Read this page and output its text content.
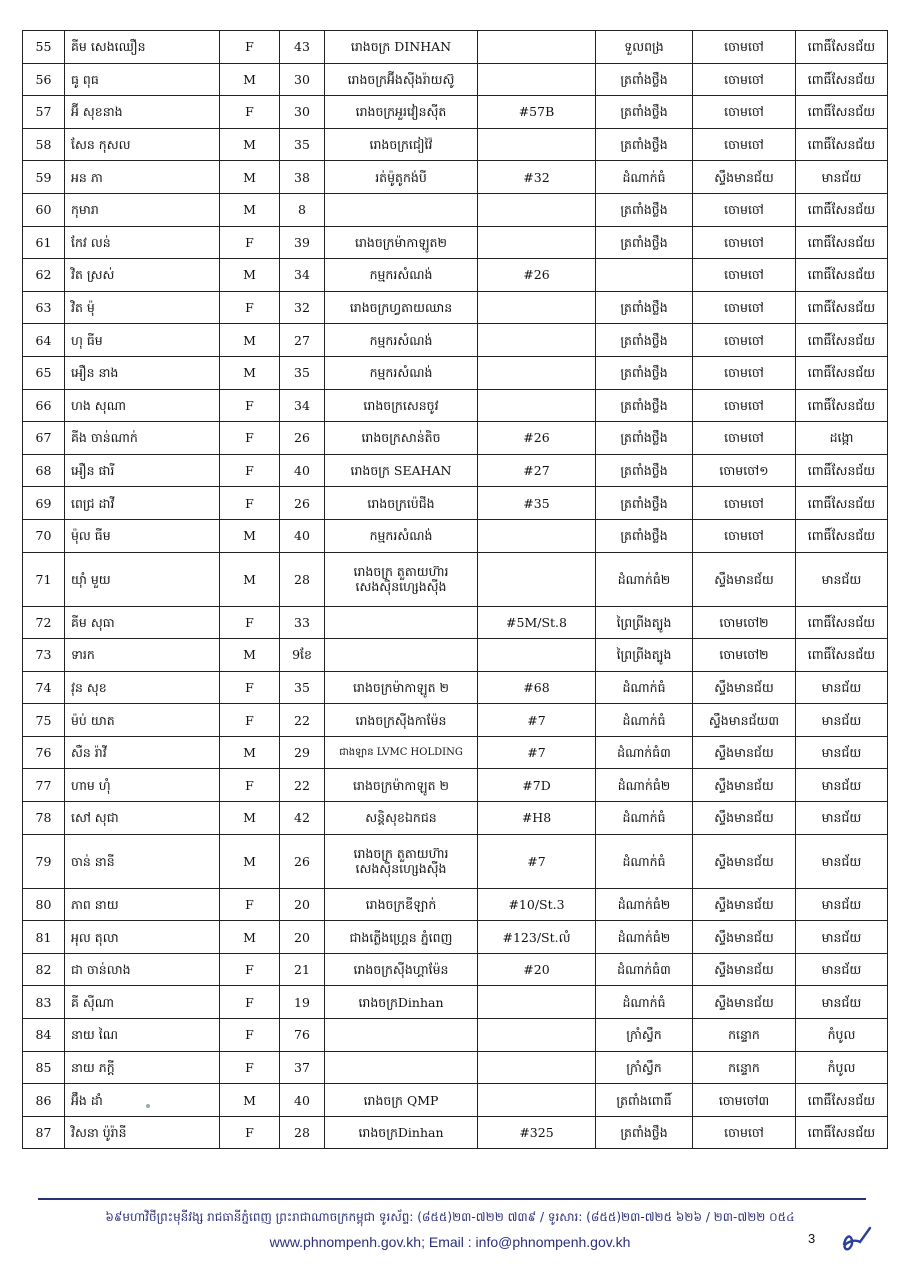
55	គីម សេងឈឿន	F	43	រោងចក្រ DINHAN		ទួលពង្រ	ចោមចៅ	ពោធិ៍សែនជ័យ
56	ធូ ពុធ	M	30	រោងចក្រអ៊ីងស៊ីងរ៉ាយស៊ូ		ត្រពាំងថ្លឹង	ចោមចៅ	ពោធិ៍សែនជ័យ
57	អ៊ី សុខនាង	F	30	រោងចក្រអួរវៀនស៊ីត	#57B	ត្រពាំងថ្លឹង	ចោមចៅ	ពោធិ៍សែនជ័យ
58	សែន កុសល	M	35	រោងចក្រជៀវ៉ៃ		ត្រពាំងថ្លឹង	ចោមចៅ	ពោធិ៍សែនជ័យ
59	អន ភា	M	38	រត់ម៉ូតូកង់បី	#32	ដំណាក់ធំ	ស្ទឹងមានជ័យ	មានជ័យ
60	កុមារា	M	8			ត្រពាំងថ្លឹង	ចោមចៅ	ពោធិ៍សែនជ័យ
61	កែវ លន់	F	39	រោងចក្រម៉ាកាឡូត២		ត្រពាំងថ្លឹង	ចោមចៅ	ពោធិ៍សែនជ័យ
62	វិត ស្រស់	M	34	កម្មករសំណង់	#26		ចោមចៅ	ពោធិ៍សែនជ័យ
63	វិត ម៉ុ	F	32	រោងចក្រហ្វតាយឈាន		ត្រពាំងថ្លឹង	ចោមចៅ	ពោធិ៍សែនជ័យ
64	ហុ ធីម	M	27	កម្មករសំណង់		ត្រពាំងថ្លឹង	ចោមចៅ	ពោធិ៍សែនជ័យ
65	អឿន នាង	M	35	កម្មករសំណង់		ត្រពាំងថ្លឹង	ចោមចៅ	ពោធិ៍សែនជ័យ
66	ហង សុណា	F	34	រោងចក្រសេនចូវ		ត្រពាំងថ្លឹង	ចោមចៅ	ពោធិ៍សែនជ័យ
67	គីង ចាន់ណាក់	F	26	រោងចក្រសាន់តិច	#26	ត្រពាំងថ្លឹង	ចោមចៅ	ដង្កោ
68	អឿន ផារី	F	40	រោងចក្រ SEAHAN	#27	ត្រពាំងថ្លឹង	ចោមចៅ១	ពោធិ៍សែនជ័យ
69	ពេជ្រ ដាវី	F	26	រោងចក្រប៉េជីង	#35	ត្រពាំងថ្លឹង	ចោមចៅ	ពោធិ៍សែនជ័យ
70	ម៉ុល ធីម	M	40	កម្មករសំណង់		ត្រពាំងថ្លឹង	ចោមចៅ	ពោធិ៍សែនជ័យ
71	យ៉ាំ មួយ	M	28	រោងចក្រ តួតាយហ៊ារ សេងស៊ិនហ្សេងស៊ីង		ដំណាក់ធំ២	ស្ទឹងមានជ័យ	មានជ័យ
72	គីម សុធា	F	33		#5M/St.8	ព្រៃព្រីងត្បូង	ចោមចៅ២	ពោធិ៍សែនជ័យ
73	ទារក	M	9ខែ			ព្រៃព្រីងត្បូង	ចោមចៅ២	ពោធិ៍សែនជ័យ
74	វុន សុខ	F	35	រោងចក្រម៉ាកាឡូត ២	#68	ដំណាក់ធំ	ស្ទឹងមានជ័យ	មានជ័យ
75	ម៉ប់ យាត	F	22	រោងចក្រស៊ីងកាម៉ែន	#7	ដំណាក់ធំ	ស្ទឹងមានជ័យ៣	មានជ័យ
76	សឺន រ៉ាវី	M	29	ជាងឡាន LVMC HOLDING	#7	ដំណាក់ធំ៣	ស្ទឹងមានជ័យ	មានជ័យ
77	ហាម ហុំ	F	22	រោងចក្រម៉ាកាឡូត ២	#7D	ដំណាក់ធំ២	ស្ទឹងមានជ័យ	មានជ័យ
78	សៅ សុជា	M	42	សន្តិសុខឯកជន	#H8	ដំណាក់ធំ	ស្ទឹងមានជ័យ	មានជ័យ
79	ចាន់ នានី	M	26	រោងចក្រ តួតាយហ៊ារ សេងស៊ិនហ្សេងស៊ីង	#7	ដំណាក់ធំ	ស្ទឹងមានជ័យ	មានជ័យ
80	ភាព នាយ	F	20	រោងចក្រឌីឡាក់	#10/St.3	ដំណាក់ធំ២	ស្ទឹងមានជ័យ	មានជ័យ
81	អុល តុលា	M	20	ជាងភ្លើងហ្គ្រេន ភ្នំពេញ	#123/St.លំ	ដំណាក់ធំ២	ស្ទឹងមានជ័យ	មានជ័យ
82	ជា ចាន់លាង	F	21	រោងចក្រស៊ីងហ្គាម៉ែន	#20	ដំណាក់ធំ៣	ស្ទឹងមានជ័យ	មានជ័យ
83	គី ស៊ីណា	F	19	រោងចក្រDinhan		ដំណាក់ធំ	ស្ទឹងមានជ័យ	មានជ័យ
84	នាយ ណៃ	F	76			ក្រាំស្វឹក	កន្ទោក	កំបូល
85	នាយ ភក្តី	F	37			ក្រាំស្វឹក	កន្ទោក	កំបូល
86	អ៊ឹង ដាំ	M	40	រោងចក្រ QMP		ត្រពាំងពោធិ៍	ចោមចៅ៣	ពោធិ៍សែនជ័យ
87	វិសនា ប៉ូរ៉ានី	F	28	រោងចក្រDinhan	#325	ត្រពាំងថ្លឹង	ចោមចៅ	ពោធិ៍សែនជ័យ
៦៩មហាវិថីព្រះមុនីវង្ស រាជធានីភ្នំពេញ ព្រះរាជាណាចក្រកម្ពុជា ទូរស័ព្ទ: (៨៥៥)២៣-៧២២ ៧៣៩ / ទូរសារ: (៨៥៥)២៣-៧២៥ ៦២៦ / ២៣-៧២២ ០៥៤
www.phnompenh.gov.kh; Email : info@phnompenh.gov.kh	3
